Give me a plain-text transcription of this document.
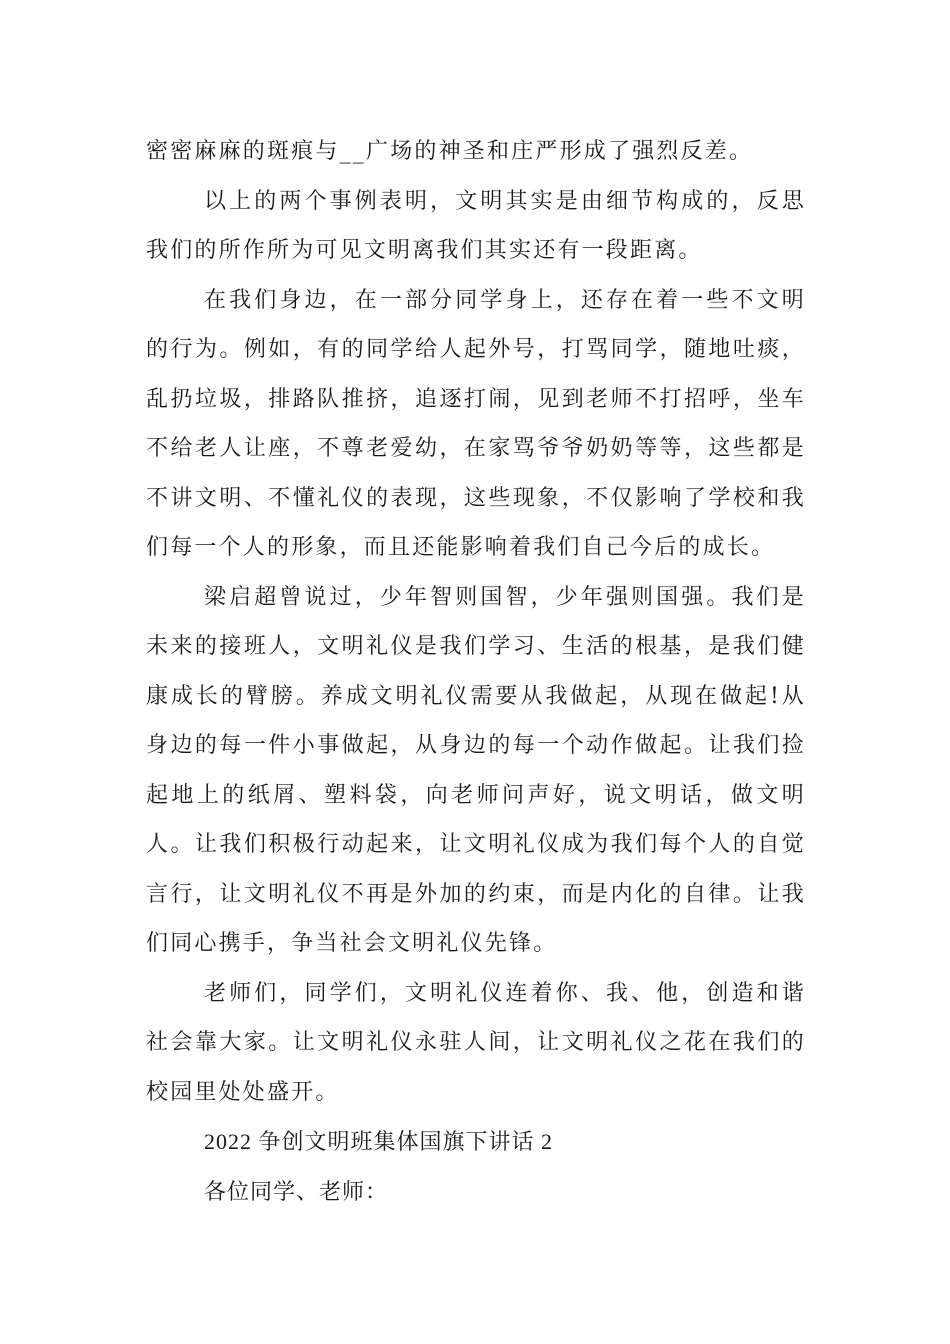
密密麻麻的斑痕与__广场的神圣和庄严形成了强烈反差。

以上的两个事例表明，文明其实是由细节构成的，反思我们的所作所为可见文明离我们其实还有一段距离。

在我们身边，在一部分同学身上，还存在着一些不文明的行为。例如，有的同学给人起外号，打骂同学，随地吐痰，乱扔垃圾，排路队推挤，追逐打闹，见到老师不打招呼，坐车不给老人让座，不尊老爱幼，在家骂爷爷奶奶等等，这些都是不讲文明、不懂礼仪的表现，这些现象，不仅影响了学校和我们每一个人的形象，而且还能影响着我们自己今后的成长。

梁启超曾说过，少年智则国智，少年强则国强。我们是未来的接班人，文明礼仪是我们学习、生活的根基，是我们健康成长的臂膀。养成文明礼仪需要从我做起，从现在做起!从身边的每一件小事做起，从身边的每一个动作做起。让我们捡起地上的纸屑、塑料袋，向老师问声好，说文明话，做文明人。让我们积极行动起来，让文明礼仪成为我们每个人的自觉言行，让文明礼仪不再是外加的约束，而是内化的自律。让我们同心携手，争当社会文明礼仪先锋。

老师们，同学们，文明礼仪连着你、我、他，创造和谐社会靠大家。让文明礼仪永驻人间，让文明礼仪之花在我们的校园里处处盛开。

2022 争创文明班集体国旗下讲话 2

各位同学、老师：
